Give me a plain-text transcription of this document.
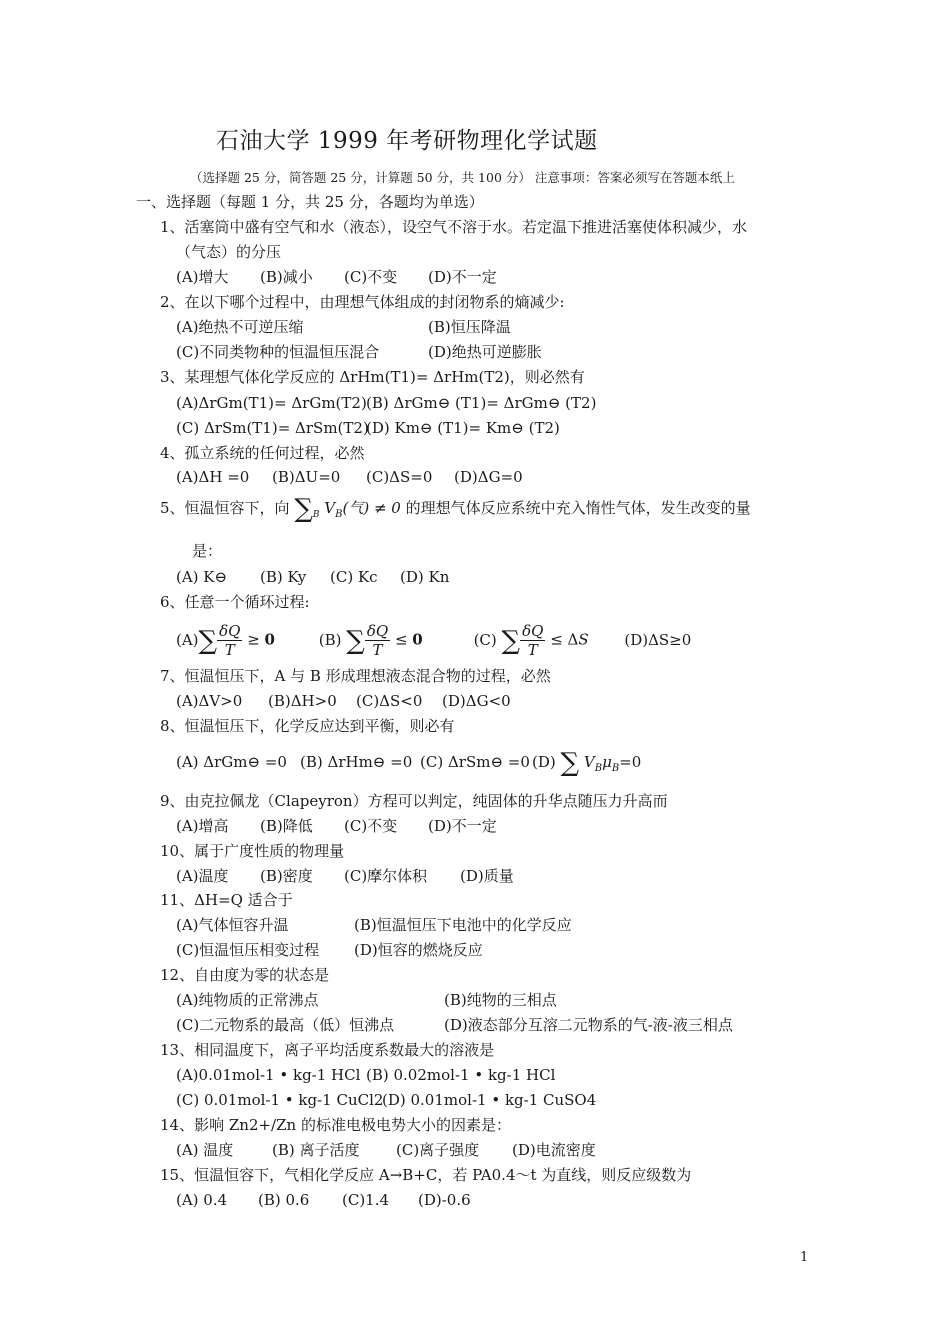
石油大学 1999 年考研物理化学试题
（选择题 25 分，简答题 25 分，计算题 50 分，共 100 分） 注意事项：答案必须写在答题本纸上
一、选择题（每题 1 分，共 25 分，各题均为单选）
1、活塞筒中盛有空气和水（液态），设空气不溶于水。若定温下推进活塞使体积减少，水
（气态）的分压
(A)增大 (B)减小 (C)不变 (D)不一定
2、在以下哪个过程中，由理想气体组成的封闭物系的熵减少:
(A)绝热不可逆压缩	(B)恒压降温
(C)不同类物种的恒温恒压混合	(D)绝热可逆膨胀
3、某理想气体化学反应的 ΔrHm(T1)= ΔrHm(T2)，则必然有
(A)ΔrGm(T1)= ΔrGm(T2)(B) ΔrGm⊖ (T1)= ΔrGm⊖ (T2)
(C) ΔrSm(T1)= ΔrSm(T2)(D) Km⊖ (T1)= Km⊖ (T2)
4、孤立系统的任何过程，必然
(A)ΔH =0 (B)ΔU=0 (C)ΔS=0 (D)ΔG=0
5、恒温恒容下，向 $\sum_B$ $V_B$(气) ≠ 0 的理想气体反应系统中充入惰性气体，发生改变的量
是：
(A) K⊖ (B) Ky (C) Kc (D) Kn
6、任意一个循环过程:
$(A)\sum \frac{\delta Q}{T} \ge 0$	(B) ∑ $\frac{\delta Q}{T} \le 0$	(C) ∑ $\frac{\delta Q}{T} \le \Delta S$ (D)ΔS≥0
7、恒温恒压下，A 与 B 形成理想液态混合物的过程，必然
(A)ΔV>0 (B)ΔH>0 (C)ΔS<0 (D)ΔG<0
8、恒温恒压下，化学反应达到平衡，则必有
(A) ΔrGm⊖ =0 (B) ΔrHm⊖ =0 (C) ΔrSm⊖ =0 (D) ∑ $V_B\mu_B=0$
9、由克拉佩龙（Clapeyron）方程可以判定，纯固体的升华点随压力升高而
(A)增高 (B)降低 (C)不变 (D)不一定
10、属于广度性质的物理量
(A)温度 (B)密度 (C)摩尔体积 (D)质量
11、ΔH=Q 适合于
(A)气体恒容升温	(B)恒温恒压下电池中的化学反应
(C)恒温恒压相变过程 (D)恒容的燃烧反应
12、自由度为零的状态是
(A)纯物质的正常沸点	(B)纯物的三相点
(C)二元物系的最高（低）恒沸点	(D)液态部分互溶二元物系的气-液-液三相点
13、相同温度下，离子平均活度系数最大的溶液是
(A)0.01mol-1 • kg-1 HCl (B) 0.02mol-1 • kg-1 HCl
(C) 0.01mol-1 • kg-1 CuCl2(D) 0.01mol-1 • kg-1 CuSO4
14、影响 Zn2+/Zn 的标准电极电势大小的因素是：
(A) 温度	(B) 离子活度 (C)离子强度 (D)电流密度
15、恒温恒容下，气相化学反应 A→B+C，若 PA0.4～t 为直线，则反应级数为
(A) 0.4 (B) 0.6 (C)1.4 (D)-0.6
1
